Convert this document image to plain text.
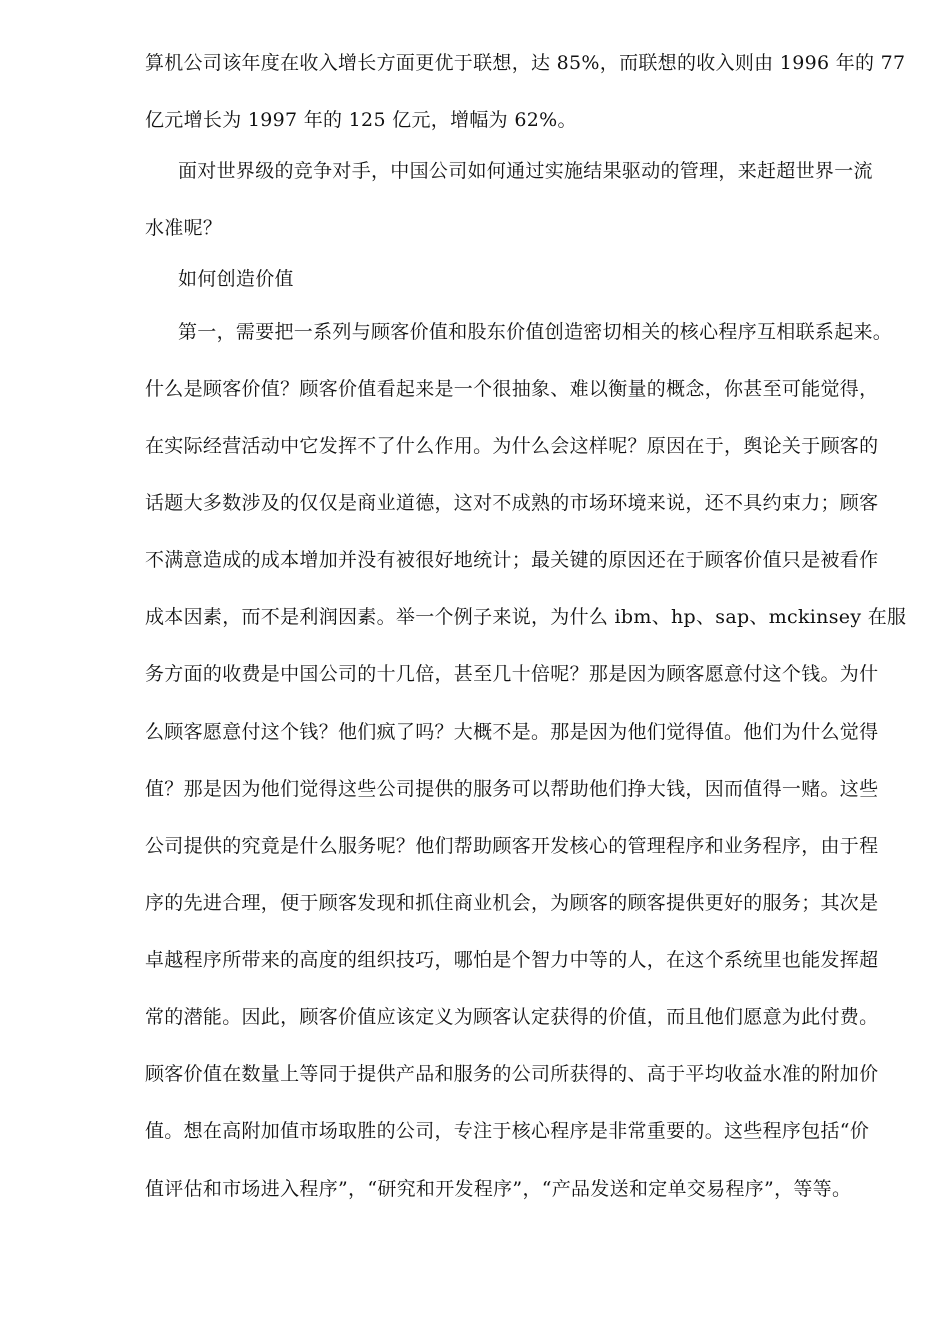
算机公司该年度在收入增长方面更优于联想，达 85%，而联想的收入则由 1996 年的 77
亿元增长为 1997 年的 125 亿元，增幅为 62%。
面对世界级的竞争对手，中国公司如何通过实施结果驱动的管理，来赶超世界一流
水准呢？
如何创造价值
第一，需要把一系列与顾客价值和股东价值创造密切相关的核心程序互相联系起来。
什么是顾客价值？顾客价值看起来是一个很抽象、难以衡量的概念，你甚至可能觉得，
在实际经营活动中它发挥不了什么作用。为什么会这样呢？原因在于，舆论关于顾客的
话题大多数涉及的仅仅是商业道德，这对不成熟的市场环境来说，还不具约束力；顾客
不满意造成的成本增加并没有被很好地统计；最关键的原因还在于顾客价值只是被看作
成本因素，而不是利润因素。举一个例子来说，为什么 ibm、hp、sap、mckinsey 在服
务方面的收费是中国公司的十几倍，甚至几十倍呢？那是因为顾客愿意付这个钱。为什
么顾客愿意付这个钱？他们疯了吗？大概不是。那是因为他们觉得值。他们为什么觉得
值？那是因为他们觉得这些公司提供的服务可以帮助他们挣大钱，因而值得一赌。这些
公司提供的究竟是什么服务呢？他们帮助顾客开发核心的管理程序和业务程序，由于程
序的先进合理，便于顾客发现和抓住商业机会，为顾客的顾客提供更好的服务；其次是
卓越程序所带来的高度的组织技巧，哪怕是个智力中等的人，在这个系统里也能发挥超
常的潜能。因此，顾客价值应该定义为顾客认定获得的价值，而且他们愿意为此付费。
顾客价值在数量上等同于提供产品和服务的公司所获得的、高于平均收益水准的附加价
值。想在高附加值市场取胜的公司，专注于核心程序是非常重要的。这些程序包括“价
值评估和市场进入程序”，“研究和开发程序”，“产品发送和定单交易程序”，等等。
